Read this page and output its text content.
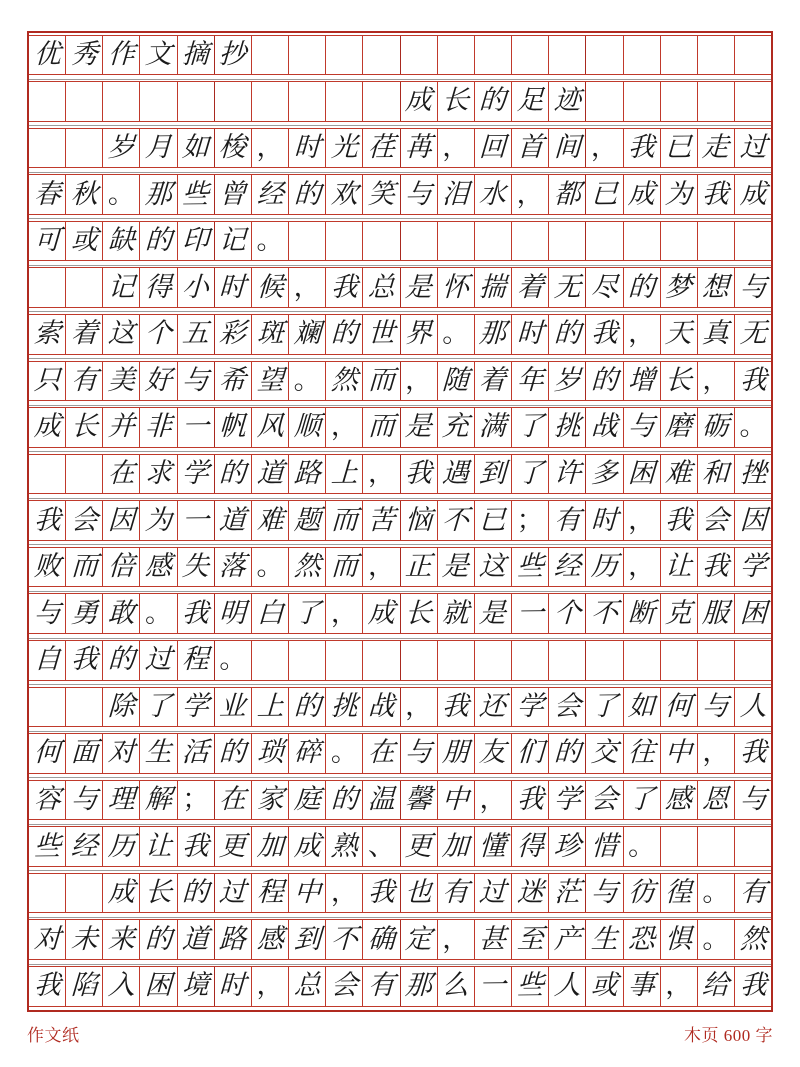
优 秀 作 文 摘 抄
成 长 的 足 迹
岁 月 如 梭 ， 时 光 荏 苒 ， 回 首 间 ， 我 已 走 过
春 秋 。 那 些 曾 经 的 欢 笑 与 泪 水 ， 都 已 成 为 我 成
可 或 缺 的 印 记 。
记 得 小 时 候 ， 我 总 是 怀 揣 着 无 尽 的 梦 想 与
索 着 这 个 五 彩 斑 斓 的 世 界 。 那 时 的 我 ， 天 真 无
只 有 美 好 与 希 望 。 然 而 ， 随 着 年 岁 的 增 长 ， 我
成 长 并 非 一 帆 风 顺 ， 而 是 充 满 了 挑 战 与 磨 砺 。
在 求 学 的 道 路 上 ， 我 遇 到 了 许 多 困 难 和 挫
我 会 因 为 一 道 难 题 而 苦 恼 不 已 ； 有 时 ， 我 会 因
败 而 倍 感 失 落 。 然 而 ， 正 是 这 些 经 历 ， 让 我 学
与 勇 敢 。 我 明 白 了 ， 成 长 就 是 一 个 不 断 克 服 困
自 我 的 过 程 。
除 了 学 业 上 的 挑 战 ， 我 还 学 会 了 如 何 与 人
何 面 对 生 活 的 琐 碎 。 在 与 朋 友 们 的 交 往 中 ， 我
容 与 理 解 ； 在 家 庭 的 温 馨 中 ， 我 学 会 了 感 恩 与
些 经 历 让 我 更 加 成 熟 、 更 加 懂 得 珍 惜 。
成 长 的 过 程 中 ， 我 也 有 过 迷 茫 与 彷 徨 。 有
对 未 来 的 道 路 感 到 不 确 定 ， 甚 至 产 生 恐 惧 。 然
我 陷 入 困 境 时 ， 总 会 有 那 么 一 些 人 或 事 ， 给 我
作文纸	木页 600 字
